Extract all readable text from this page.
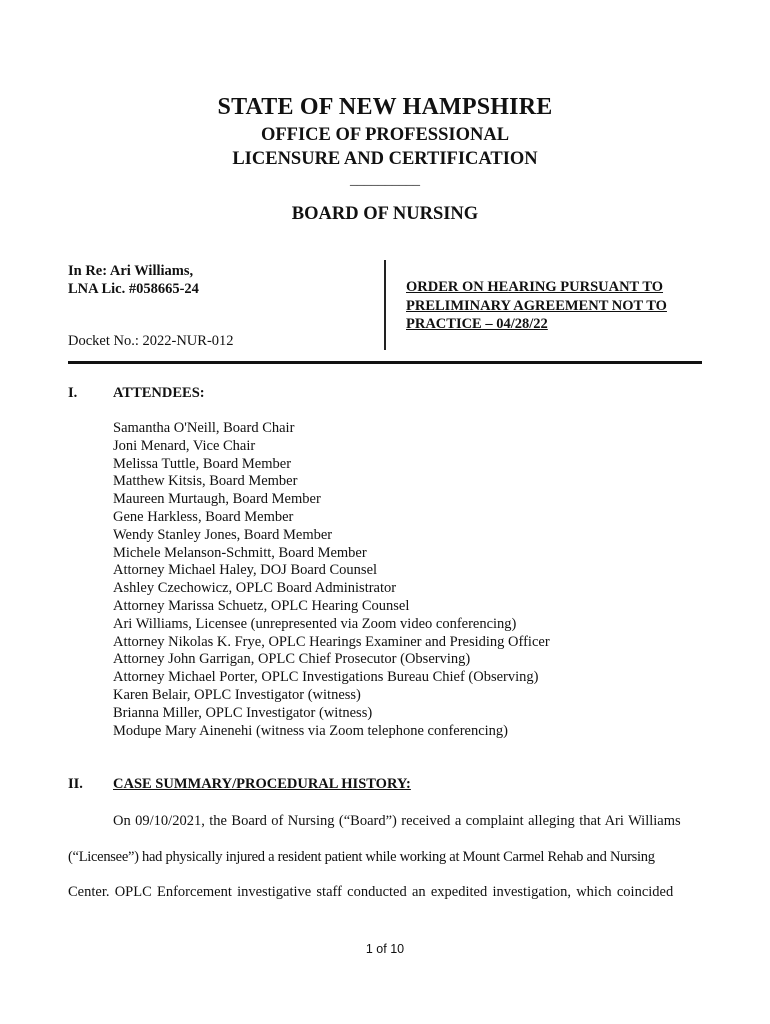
STATE OF NEW HAMPSHIRE
OFFICE OF PROFESSIONAL
LICENSURE AND CERTIFICATION
__________
BOARD OF NURSING
In Re: Ari Williams,
LNA Lic. #058665-24
Docket No.: 2022-NUR-012
ORDER ON HEARING PURSUANT TO PRELIMINARY AGREEMENT NOT TO PRACTICE – 04/28/22
I. ATTENDEES:
Samantha O'Neill, Board Chair
Joni Menard, Vice Chair
Melissa Tuttle, Board Member
Matthew Kitsis, Board Member
Maureen Murtaugh, Board Member
Gene Harkless, Board Member
Wendy Stanley Jones, Board Member
Michele Melanson-Schmitt, Board Member
Attorney Michael Haley, DOJ Board Counsel
Ashley Czechowicz, OPLC Board Administrator
Attorney Marissa Schuetz, OPLC Hearing Counsel
Ari Williams, Licensee (unrepresented via Zoom video conferencing)
Attorney Nikolas K. Frye, OPLC Hearings Examiner and Presiding Officer
Attorney John Garrigan, OPLC Chief Prosecutor (Observing)
Attorney Michael Porter, OPLC Investigations Bureau Chief (Observing)
Karen Belair, OPLC Investigator (witness)
Brianna Miller, OPLC Investigator (witness)
Modupe Mary Ainenehi (witness via Zoom telephone conferencing)
II. CASE SUMMARY/PROCEDURAL HISTORY:
On 09/10/2021, the Board of Nursing (“Board”) received a complaint alleging that Ari Williams
(“Licensee”) had physically injured a resident patient while working at Mount Carmel Rehab and Nursing
Center. OPLC Enforcement investigative staff conducted an expedited investigation, which coincided
1 of 10
